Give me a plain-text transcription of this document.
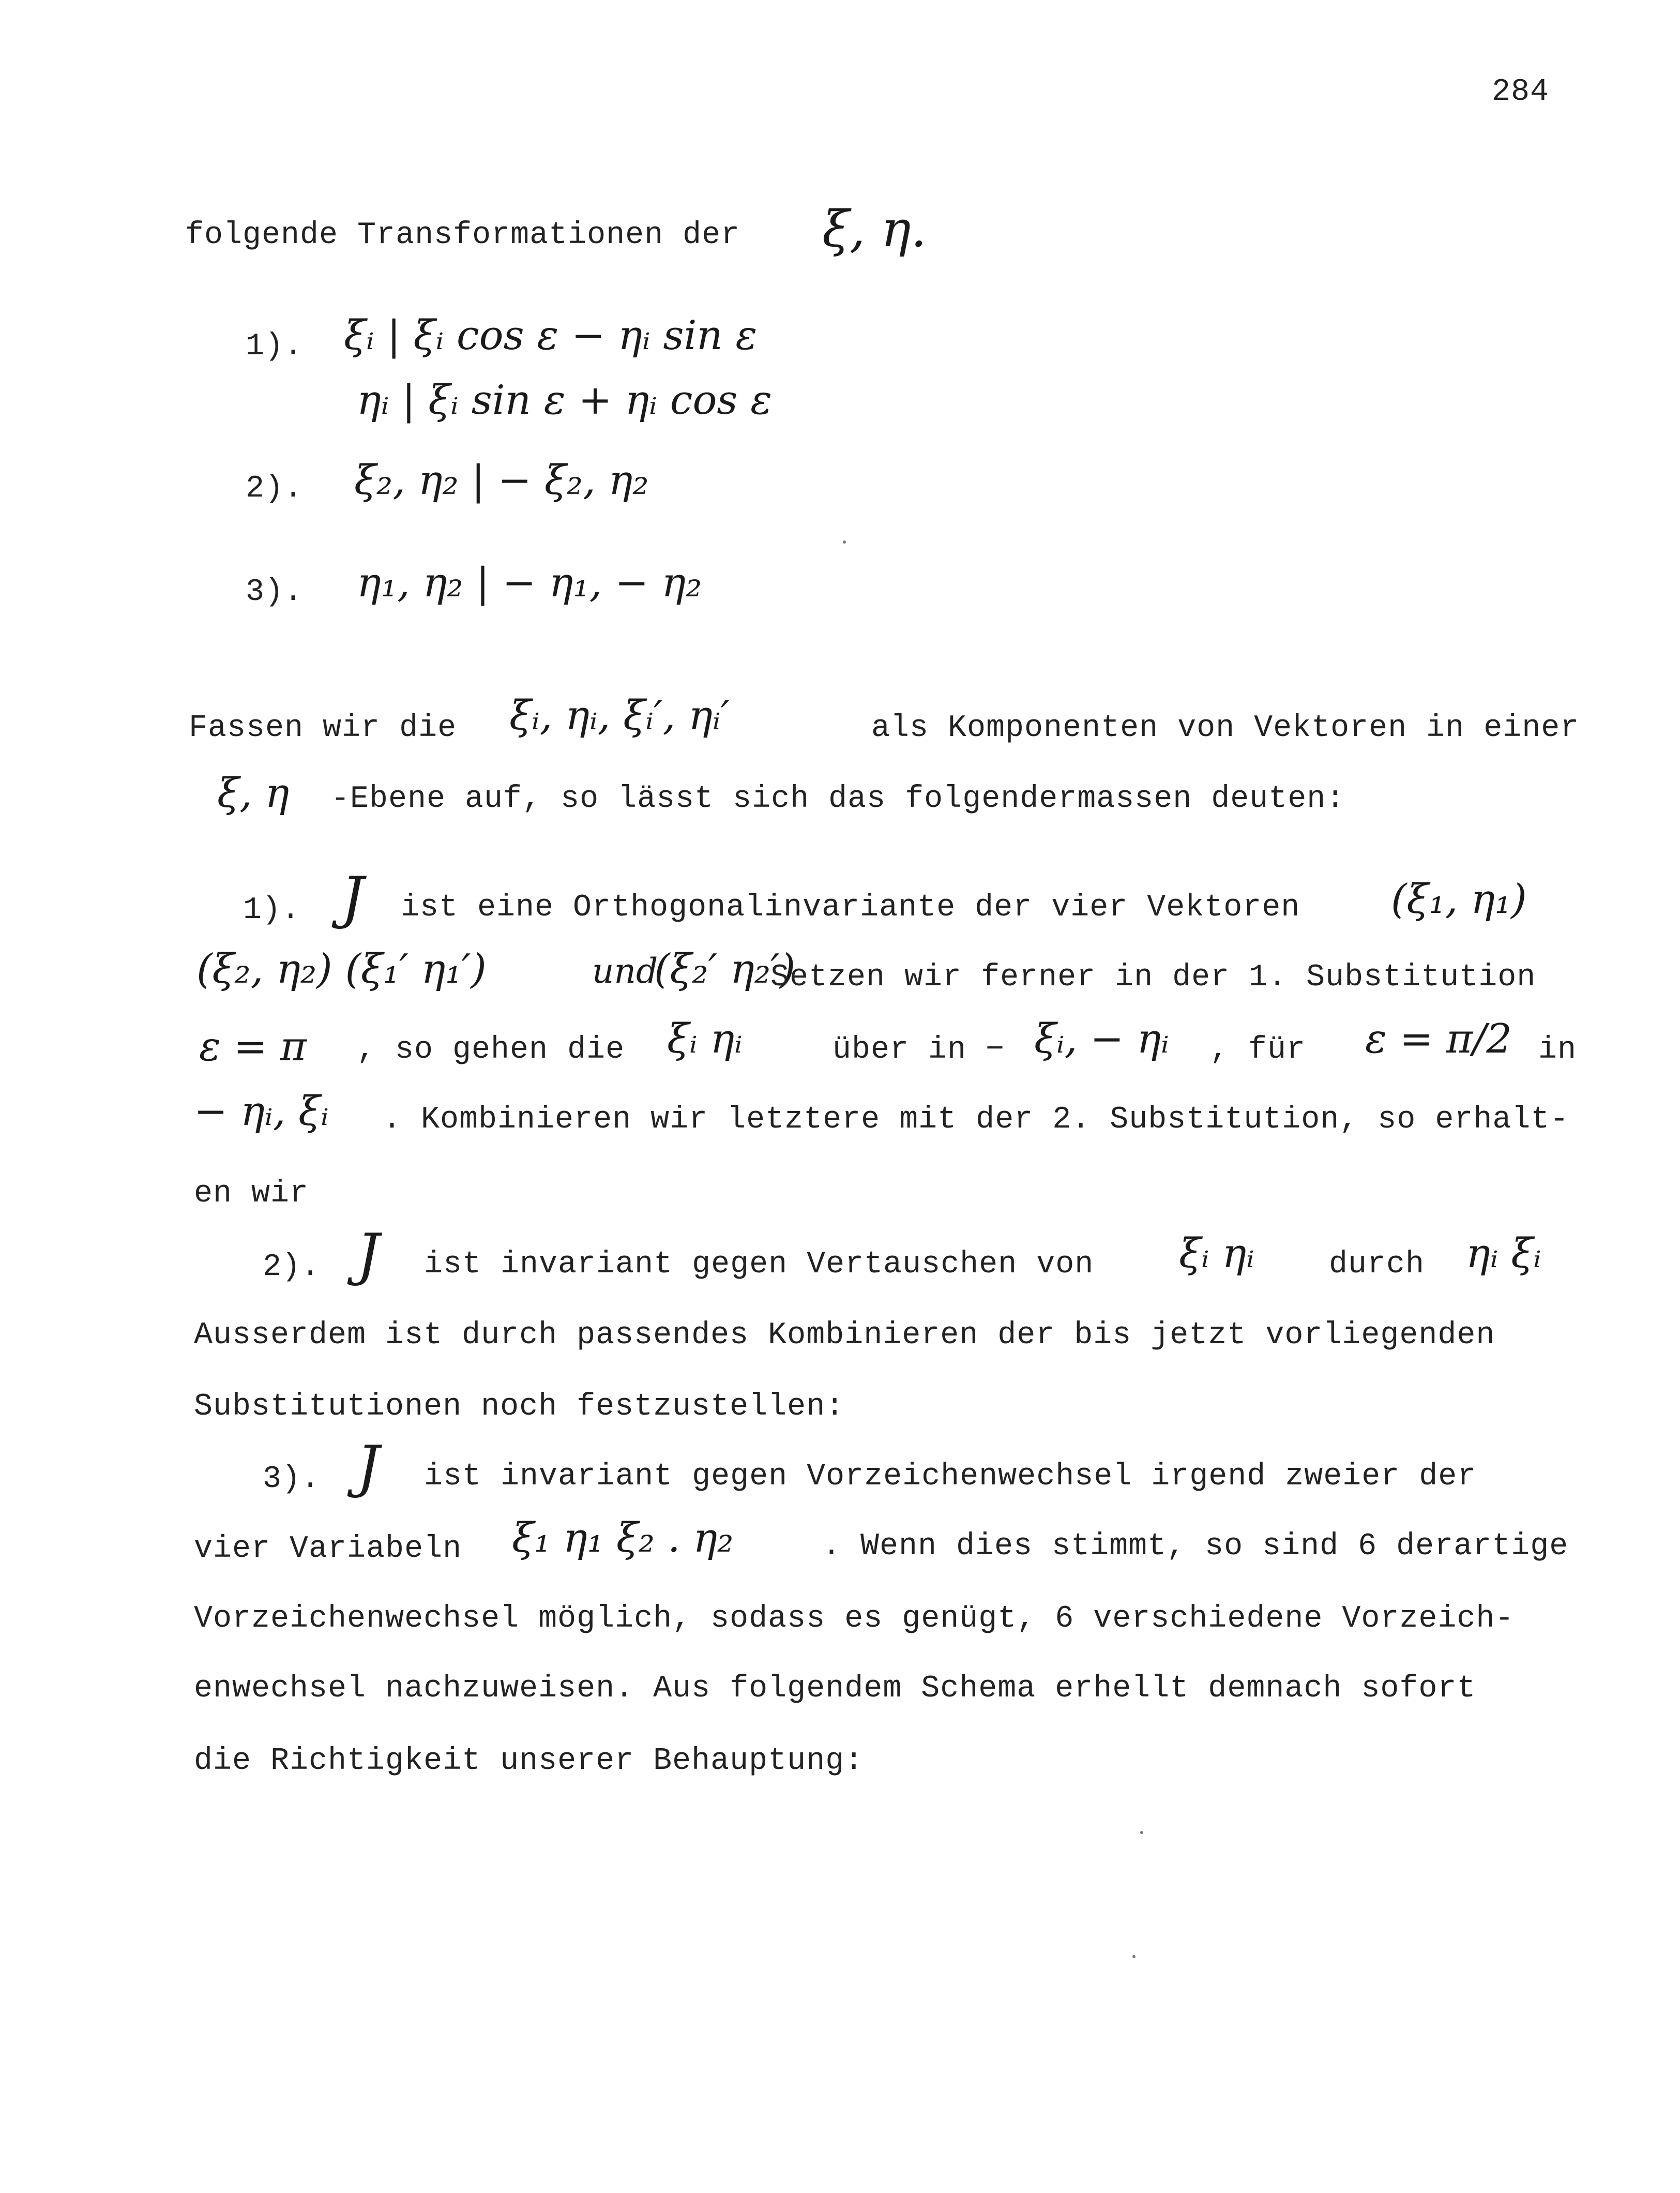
284
folgende Transformationen der ξ, η.
1). ξᵢ | ξᵢ cos ε − ηᵢ sin ε
ηᵢ | ξᵢ sin ε + ηᵢ cos ε
2). ξ₂, η₂ | − ξ₂, η₂
3). η₁, η₂ | − η₁, − η₂
Fassen wir die ξᵢ, ηᵢ, ξᵢ′, ηᵢ′	als Komponenten von Vektoren in einer
ξ, η -Ebene auf, so lässt sich das folgendermassen deuten:
1). J ist eine Orthogonalinvariante der vier Vektoren (ξ₁, η₁)
(ξ₂, η₂) (ξ₁′ η₁′)	und
(ξ₂′ η₂′)
Setzen wir ferner in der 1. Substitution
ε = π , so gehen die ξᵢ ηᵢ	über in − ξᵢ, − ηᵢ , für ε = π/2 in
− ηᵢ, ξᵢ . Kombinieren wir letztere mit der 2. Substitution, so erhalt-
en wir
2). J ist invariant gegen Vertauschen von ξᵢ ηᵢ durch ηᵢ ξᵢ
Ausserdem ist durch passendes Kombinieren der bis jetzt vorliegenden
Substitutionen noch festzustellen:
3). J ist invariant gegen Vorzeichenwechsel irgend zweier der
vier Variabeln ξ₁ η₁ ξ₂ . η₂	. Wenn dies stimmt, so sind 6 derartige
Vorzeichenwechsel möglich, sodass es genügt, 6 verschiedene Vorzeich-
enwechsel nachzuweisen. Aus folgendem Schema erhellt demnach sofort
die Richtigkeit unserer Behauptung:
